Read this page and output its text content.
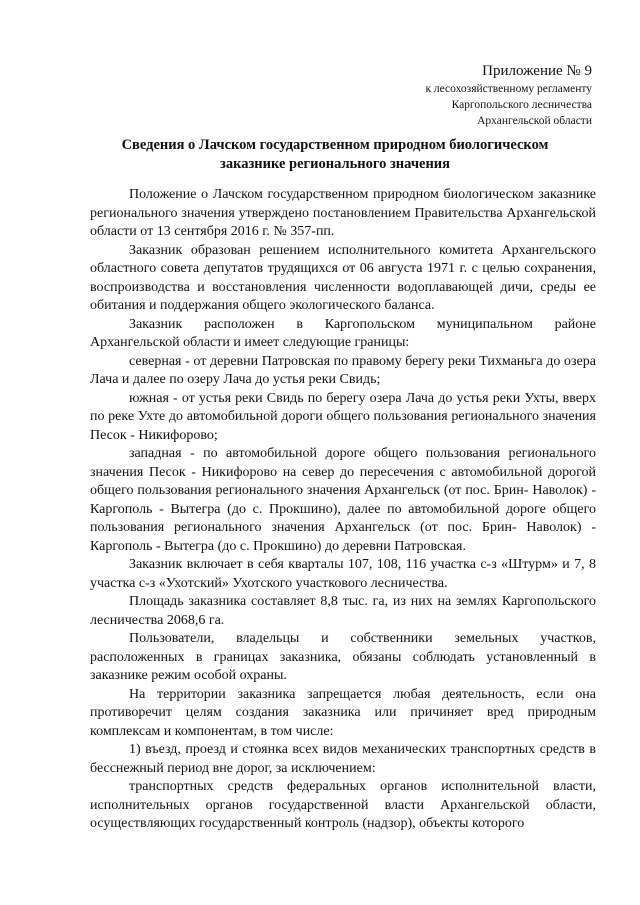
Приложение № 9
к лесохозяйственному регламенту
Каргопольского лесничества
Архангельской области
Сведения о Лачском государственном природном биологическом
заказнике регионального значения

Положение о Лачском государственном природном биологическом заказнике регионального значения утверждено постановлением Правительства Архангельской области от 13 сентября 2016 г. № 357-пп.

Заказник образован решением исполнительного комитета Архангельского областного совета депутатов трудящихся от 06 августа 1971 г. с целью сохранения, воспроизводства и восстановления численности водоплавающей дичи, среды ее обитания и поддержания общего экологического баланса.

Заказник расположен в Каргопольском муниципальном районе Архангельской области и имеет следующие границы:

северная - от деревни Патровская по правому берегу реки Тихманьга до озера Лача и далее по озеру Лача до устья реки Свидь;

южная - от устья реки Свидь по берегу озера Лача до устья реки Ухты, вверх по реке Ухте до автомобильной дороги общего пользования регионального значения Песок - Никифорово;

западная - по автомобильной дороге общего пользования регионального значения Песок - Никифорово на север до пересечения с автомобильной дорогой общего пользования регионального значения Архангельск (от пос. Брин- Наволок) - Каргополь - Вытегра (до с. Прокшино), далее по автомобильной дороге общего пользования регионального значения Архангельск (от пос. Брин- Наволок) - Каргополь - Вытегра (до с. Прокшино) до деревни Патровская.

Заказник включает в себя кварталы 107, 108, 116 участка с-з «Штурм» и 7, 8 участка с-з «Ухотский» Ухотского участкового лесничества.

Площадь заказника составляет 8,8 тыс. га, из них на землях Каргопольского лесничества 2068,6 га.

Пользователи, владельцы и собственники земельных участков, расположенных в границах заказника, обязаны соблюдать установленный в заказнике режим особой охраны.

На территории заказника запрещается любая деятельность, если она противоречит целям создания заказника или причиняет вред природным комплексам и компонентам, в том числе:

1) въезд, проезд и стоянка всех видов механических транспортных средств в бесснежный период вне дорог, за исключением:

транспортных средств федеральных органов исполнительной власти, исполнительных органов государственной власти Архангельской области, осуществляющих государственный контроль (надзор), объекты которого
